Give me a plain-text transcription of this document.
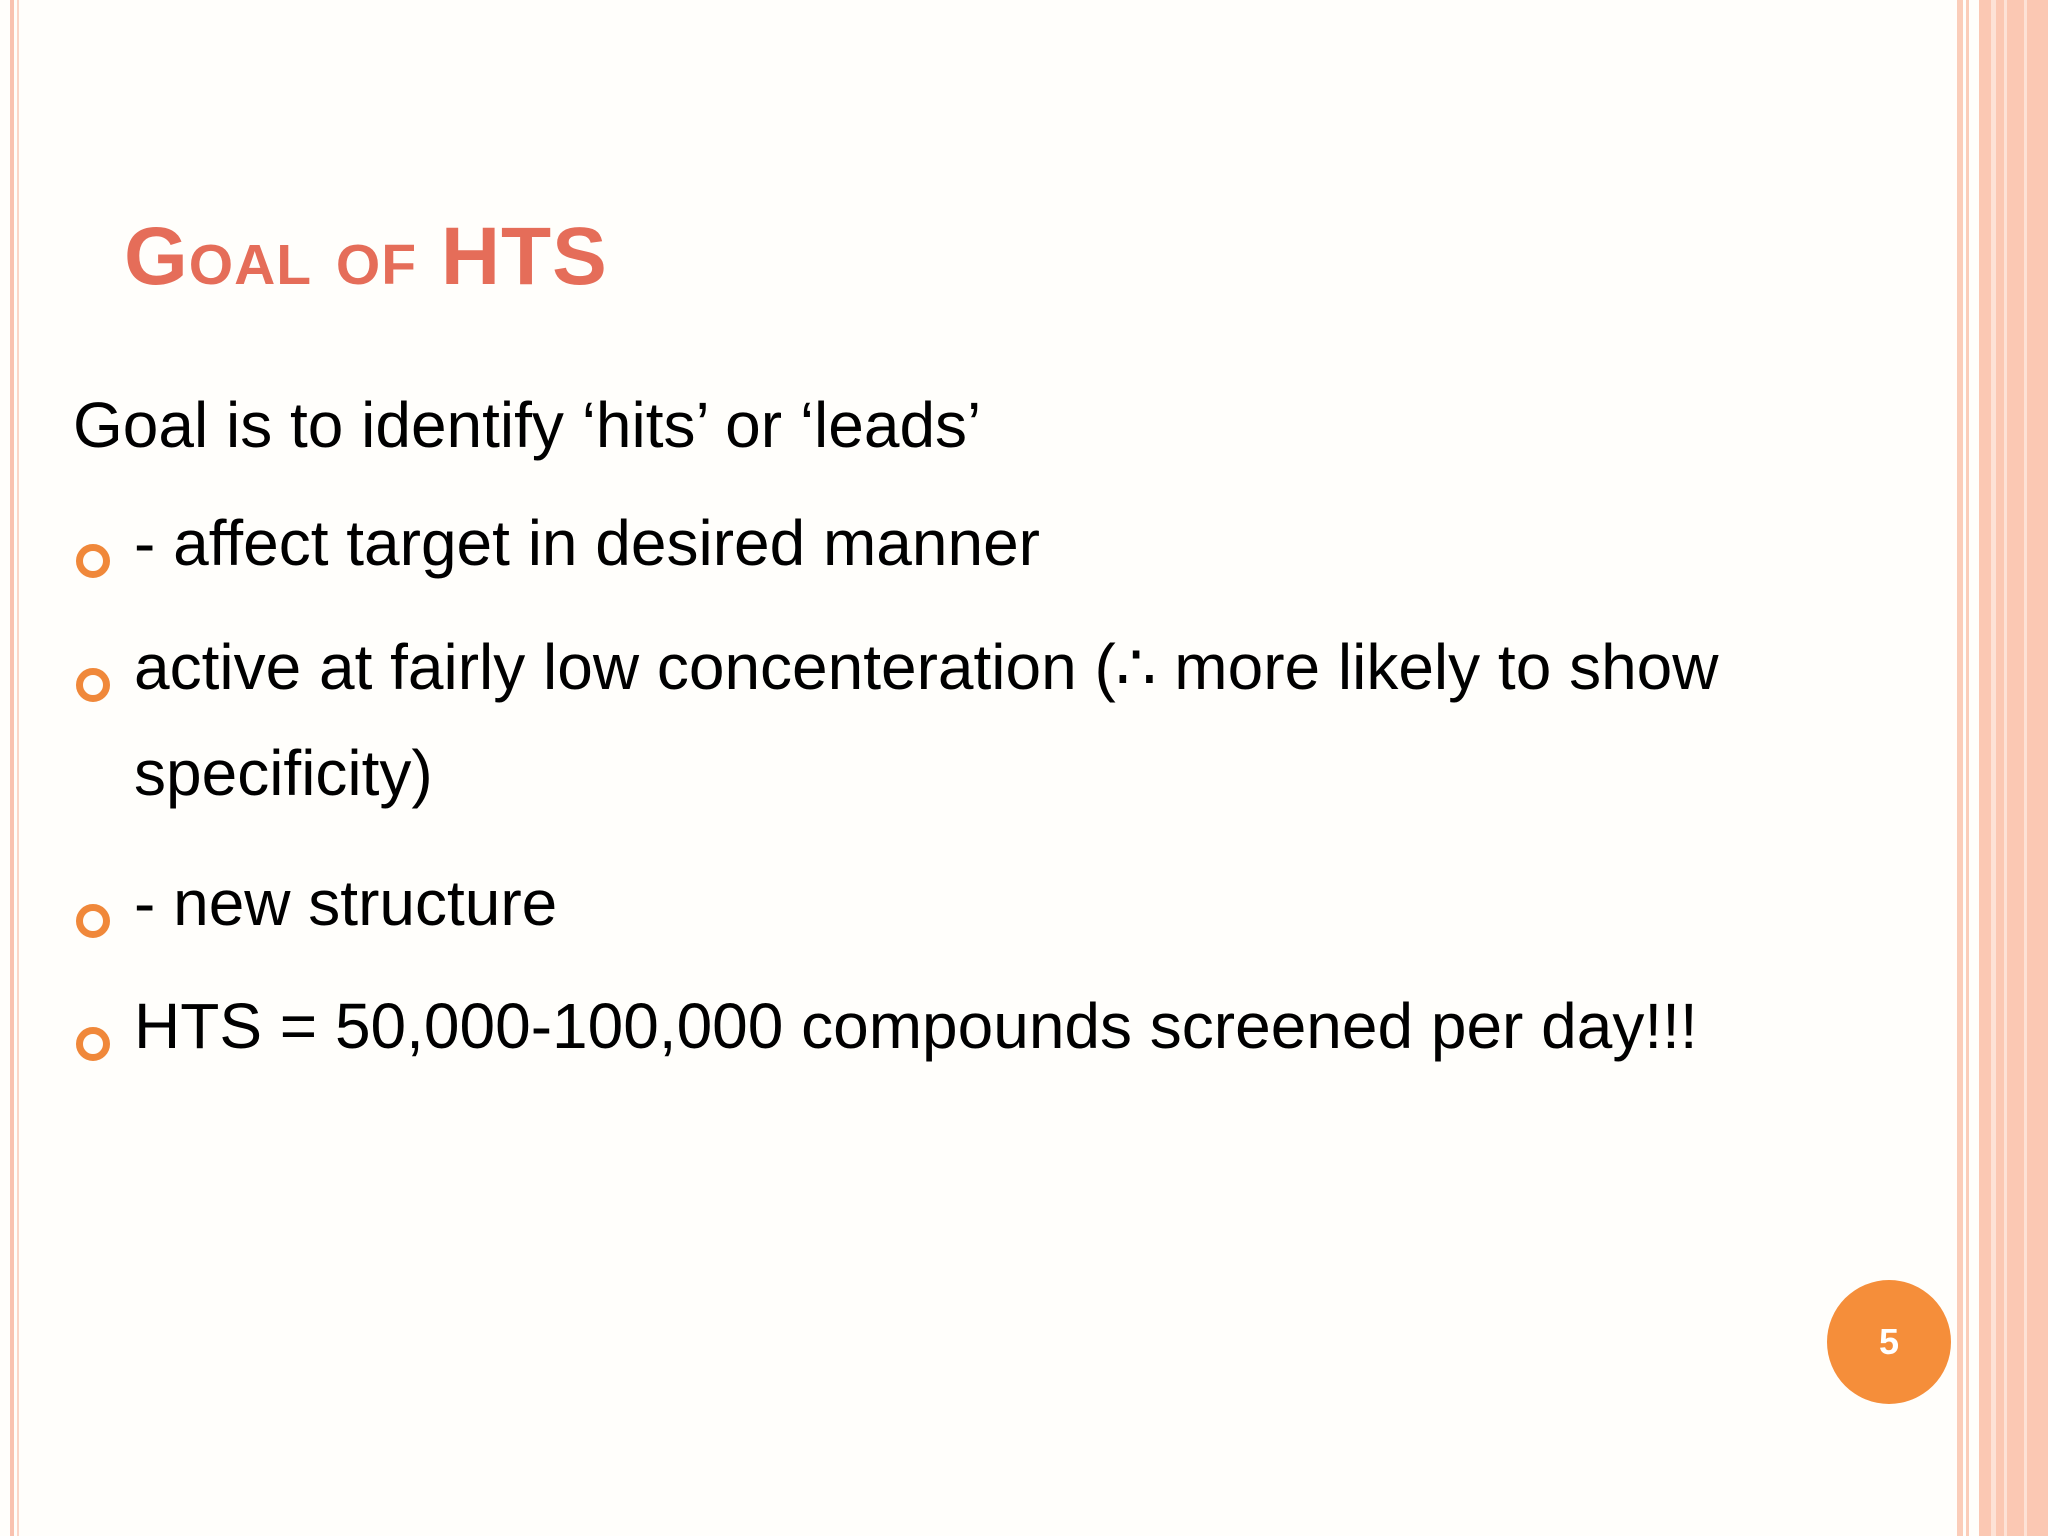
Goal of HTS

Goal is to identify ‘hits’ or ‘leads’

- affect target in desired manner
active at fairly low concenteration (∴ more likely to show
specificity)
- new structure
HTS = 50,000-100,000 compounds screened per day!!!
5
